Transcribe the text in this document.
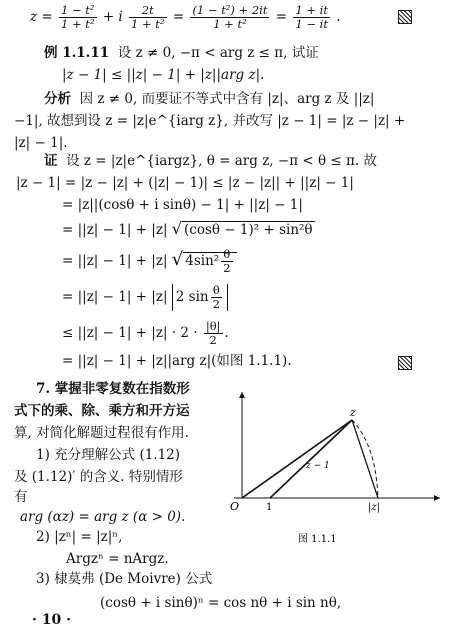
$z = \frac{\text{1 − t²}}{\text{1 + t²}} + i \frac{2t}{\text{1 + t²}} = \frac{\text{(1 − t²) + 2it}}{\text{1 + t²}} = \frac{1 + it}{1 - it}$ .
例 1.1.11 设 z ≠ 0, −π < arg z ≤ π, 试证
|z − 1| ≤ ||z| − 1| + |z||arg z|.
分析 因 z ≠ 0, 而要证不等式中含有 |z|、arg z 及 ||z|
−1|, 故想到设 z = |z|e^{iarg z}, 并改写 |z − 1| = |z − |z| +
|z| − 1|.
证 设 z = |z|e^{iargz}, θ = arg z, −π < θ ≤ π. 故
|z − 1| = |z − |z| + (|z| − 1)| ≤ |z − |z|| + ||z| − 1|
= |z||(cosθ + i sinθ) − 1| + ||z| − 1|
= ||z| − 1| + |z| √ (cosθ − 1)² + sin²θ
= ||z| − 1| + |z| √ $4\sin^2 \frac{\theta}{2}$
= ||z| − 1| + |z| 2 $\sin \frac{\theta}{2}$
≤ $||z| - 1| + |z| \cdot 2 \cdot \frac{|\theta|}{2}$ .
= ||z| − 1| + |z||arg z|(如图 1.1.1).
7. 掌握非零复数在指数形
式下的乘、除、乘方和开方运
算, 对简化解题过程很有作用.
1) 充分理解公式 (1.12)
及 (1.12)′ 的含义. 特别情形
有
arg (αz) = arg z (α > 0).
2) |zⁿ| = |z|ⁿ,
Argzⁿ = nArgz.
3) 棣莫弗 (De Moivre) 公式
(cosθ + i sinθ)ⁿ = cos nθ + i sin nθ,
z
z − 1
O	1	|z|
图 1.1.1
· 10 ·
